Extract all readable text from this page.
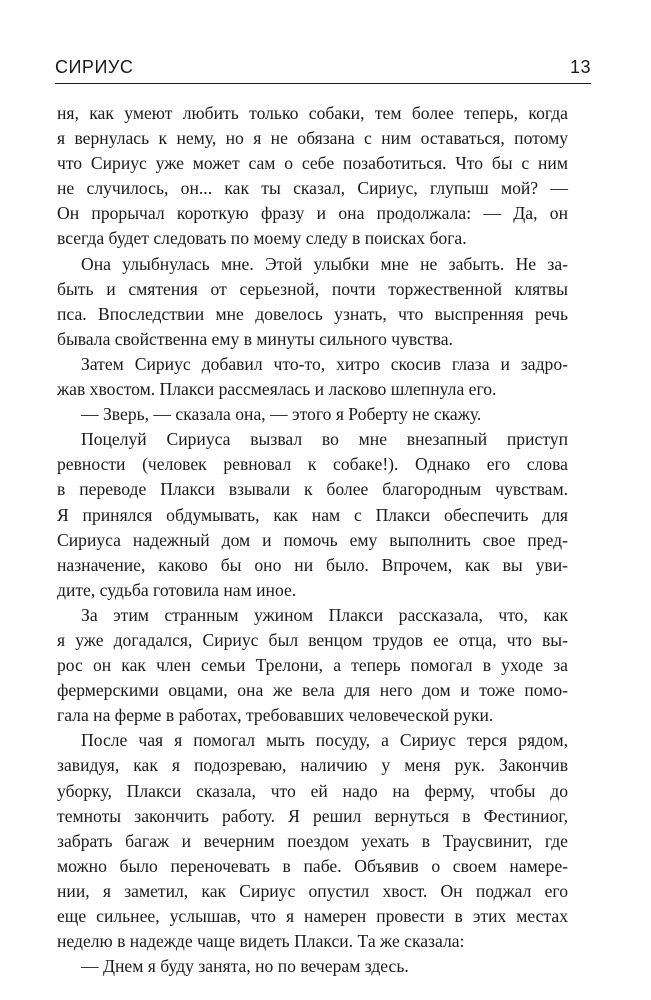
СИРИУС	13

ня, как умеют любить только собаки, тем более теперь, когда
я вернулась к нему, но я не обязана с ним оставаться, потому
что Сириус уже может сам о себе позаботиться. Что бы с ним
не случилось, он... как ты сказал, Сириус, глупыш мой? —
Он прорычал короткую фразу и она продолжала: — Да, он
всегда будет следовать по моему следу в поисках бога.

Она улыбнулась мне. Этой улыбки мне не забыть. Не за-
быть и смятения от серьезной, почти торжественной клятвы
пса. Впоследствии мне довелось узнать, что выспренняя речь
бывала свойственна ему в минуты сильного чувства.

Затем Сириус добавил что-то, хитро скосив глаза и задро-
жав хвостом. Плакси рассмеялась и ласково шлепнула его.

— Зверь, — сказала она, — этого я Роберту не скажу.

Поцелуй Сириуса вызвал во мне внезапный приступ
ревности (человек ревновал к собаке!). Однако его слова
в переводе Плакси взывали к более благородным чувствам.
Я принялся обдумывать, как нам с Плакси обеспечить для
Сириуса надежный дом и помочь ему выполнить свое пред-
назначение, каково бы оно ни было. Впрочем, как вы уви-
дите, судьба готовила нам иное.

За этим странным ужином Плакси рассказала, что, как
я уже догадался, Сириус был венцом трудов ее отца, что вы-
рос он как член семьи Трелони, а теперь помогал в уходе за
фермерскими овцами, она же вела для него дом и тоже помо-
гала на ферме в работах, требовавших человеческой руки.

После чая я помогал мыть посуду, а Сириус терся рядом,
завидуя, как я подозреваю, наличию у меня рук. Закончив
уборку, Плакси сказала, что ей надо на ферму, чтобы до
темноты закончить работу. Я решил вернуться в Фестиниог,
забрать багаж и вечерним поездом уехать в Траусвинит, где
можно было переночевать в пабе. Объявив о своем намере-
нии, я заметил, как Сириус опустил хвост. Он поджал его
еще сильнее, услышав, что я намерен провести в этих местах
неделю в надежде чаще видеть Плакси. Та же сказала:

— Днем я буду занята, но по вечерам здесь.
